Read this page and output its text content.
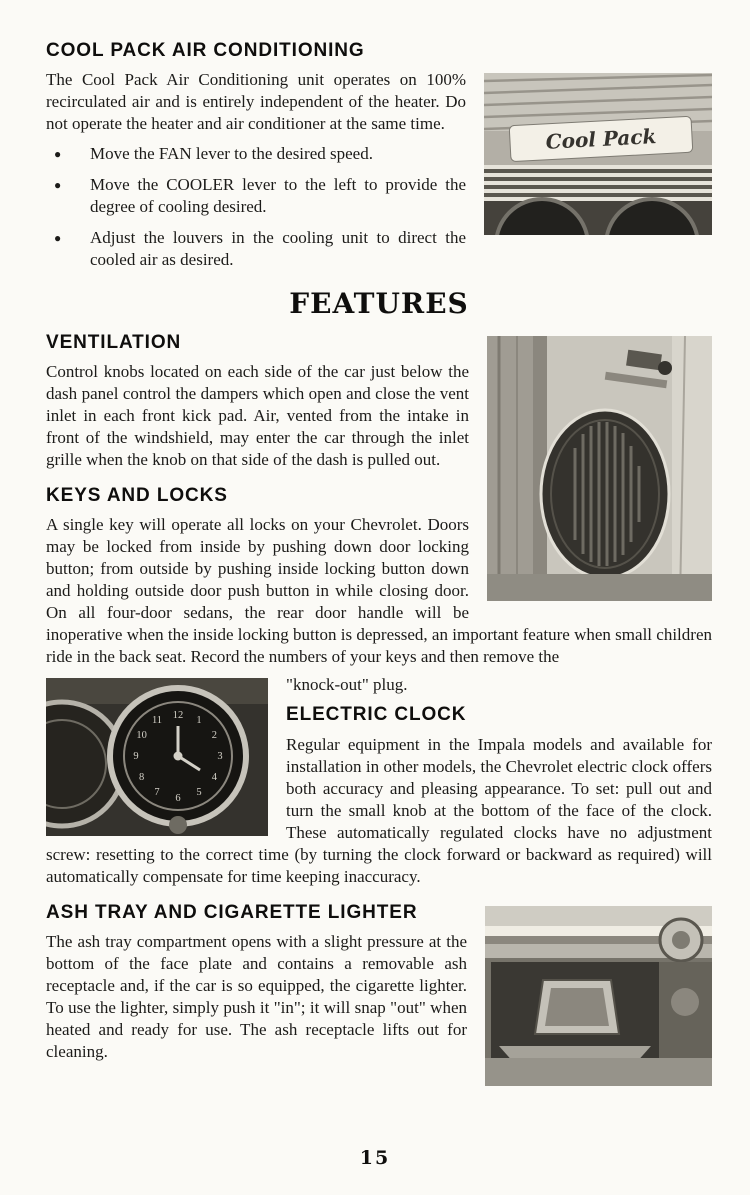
COOL PACK AIR CONDITIONING
Cool Pack

The Cool Pack Air Conditioning unit operates on 100% recirculated air and is entirely independent of the heater. Do not operate the heater and air conditioner at the same time.

● Move the FAN lever to the desired speed.
● Move the COOLER lever to the left to provide the degree of cooling desired.
● Adjust the louvers in the cooling unit to direct the cooled air as desired.
FEATURES
VENTILATION

Control knobs located on each side of the car just below the dash panel control the dampers which open and close the vent inlet in each front kick pad. Air, vented from the intake in front of the windshield, may enter the car through the inlet grille when the knob on that side of the dash is pulled out.

KEYS AND LOCKS

A single key will operate all locks on your Chevrolet. Doors may be locked from inside by pushing down door locking button; from outside by pushing inside locking button down and holding outside door push button in while closing door. On all four-door sedans, the rear door handle will be inoperative when the inside locking button is depressed, an important feature when small children ride in the back seat. Record the numbers of your keys and then remove the

12 1
2
3
4
5
6
7
8
9
10
11

"knock-out" plug.

ELECTRIC CLOCK

Regular equipment in the Impala models and available for installation in other models, the Chevrolet electric clock offers both accuracy and pleasing appearance. To set: pull out and turn the small knob at the bottom of the face of the clock. These automatically regulated clocks have no adjustment screw: resetting to the correct time (by turning the clock forward or backward as required) will automatically compensate for time keeping inaccuracy.

ASH TRAY AND CIGARETTE LIGHTER

The ash tray compartment opens with a slight pressure at the bottom of the face plate and contains a removable ash receptacle and, if the car is so equipped, the cigarette lighter. To use the lighter, simply push it "in"; it will snap "out" when heated and ready for use. The ash receptacle lifts out for cleaning.

15
